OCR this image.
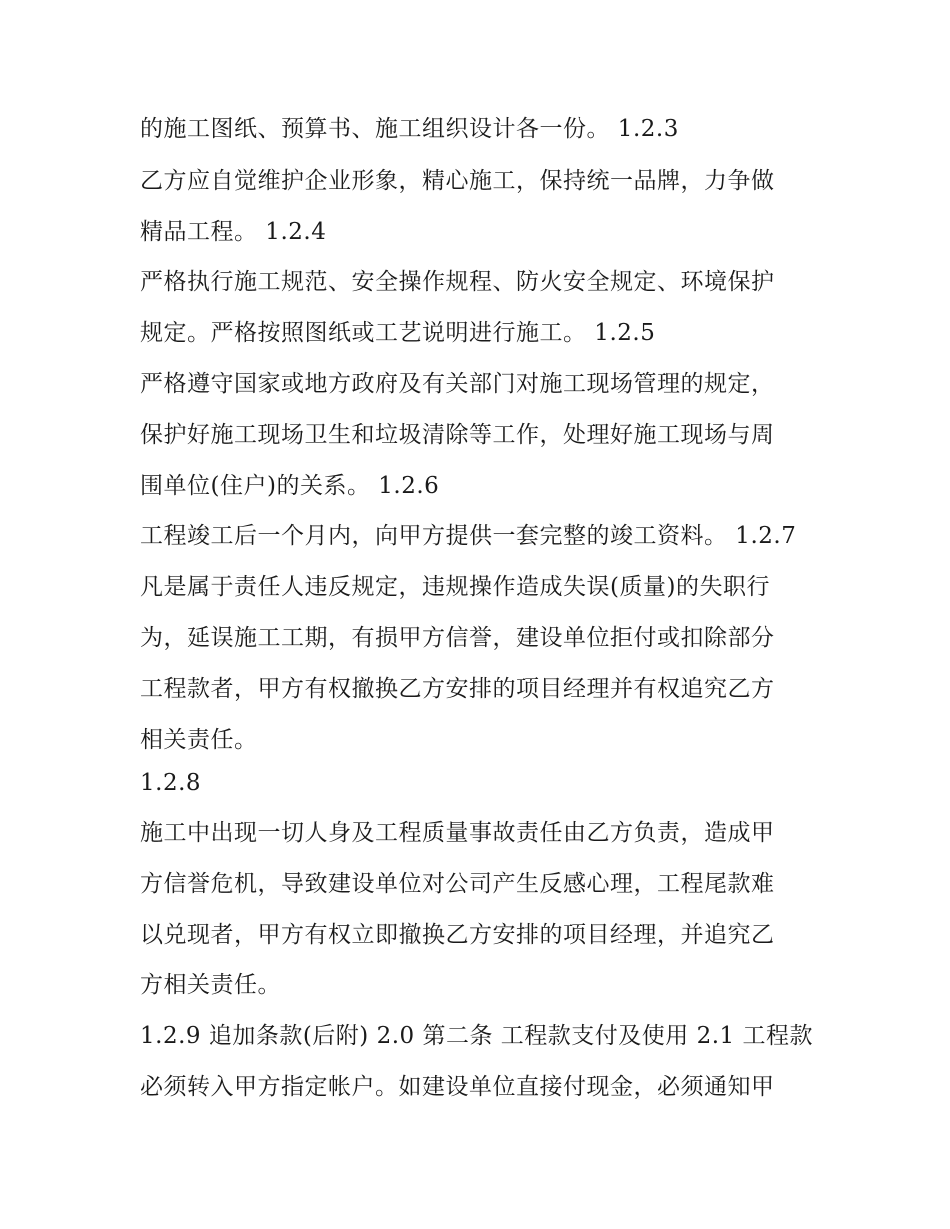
的施工图纸、预算书、施工组织设计各一份。 1.2.3
乙方应自觉维护企业形象，精心施工，保持统一品牌，力争做
精品工程。 1.2.4
严格执行施工规范、安全操作规程、防火安全规定、环境保护
规定。严格按照图纸或工艺说明进行施工。 1.2.5
严格遵守国家或地方政府及有关部门对施工现场管理的规定，
保护好施工现场卫生和垃圾清除等工作，处理好施工现场与周
围单位(住户)的关系。 1.2.6
工程竣工后一个月内，向甲方提供一套完整的竣工资料。 1.2.7
凡是属于责任人违反规定，违规操作造成失误(质量)的失职行
为，延误施工工期，有损甲方信誉，建设单位拒付或扣除部分
工程款者，甲方有权撤换乙方安排的项目经理并有权追究乙方
相关责任。
1.2.8
施工中出现一切人身及工程质量事故责任由乙方负责，造成甲
方信誉危机，导致建设单位对公司产生反感心理，工程尾款难
以兑现者，甲方有权立即撤换乙方安排的项目经理，并追究乙
方相关责任。
1.2.9 追加条款(后附) 2.0 第二条 工程款支付及使用 2.1 工程款
必须转入甲方指定帐户。如建设单位直接付现金，必须通知甲
